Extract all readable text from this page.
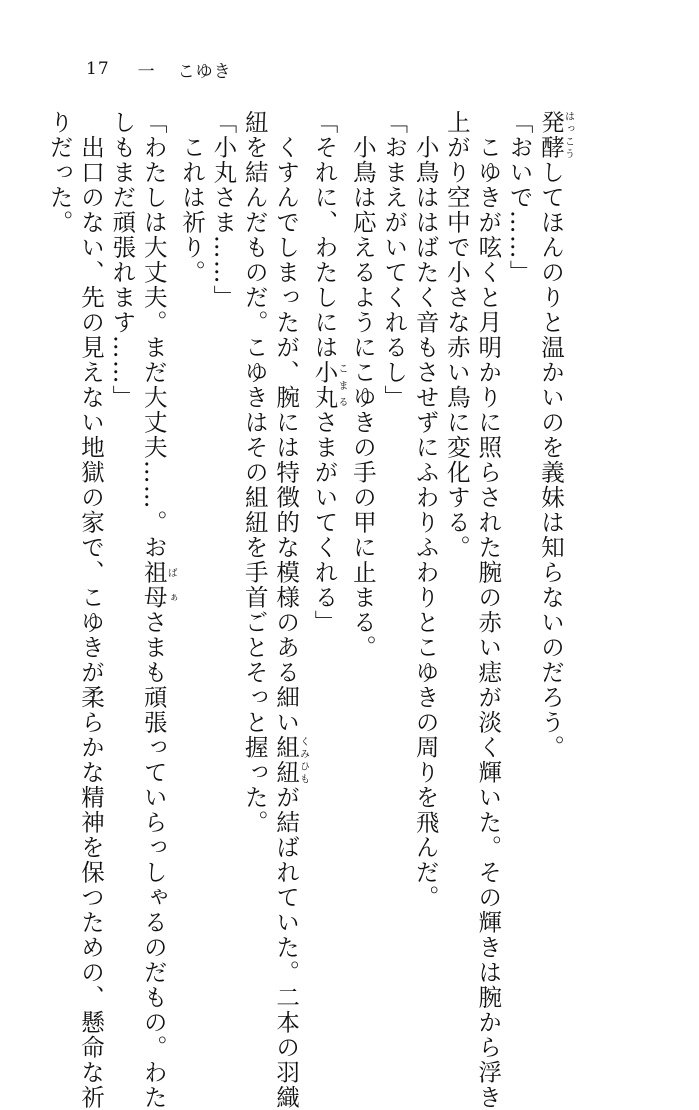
17 一 こゆき

発酵はっこうしてほんのりと温かいのを義妹は知らないのだろう。

「おいで……」

　こゆきが呟くと月明かりに照らされた腕の赤い痣が淡く輝いた。その輝きは腕から浮き

上がり空中で小さな赤い鳥に変化する。

　小鳥ははばたく音もさせずにふわりふわりとこゆきの周りを飛んだ。

「おまえがいてくれるし」

　小鳥は応えるようにこゆきの手の甲に止まる。

「それに、わたしには小丸こまるさまがいてくれる」

　くすんでしまったが、腕には特徴的な模様のある細い組紐くみひもが結ばれていた。二本の羽織

紐を結んだものだ。こゆきはその組紐を手首ごとそっと握った。

「小丸さま……」

　これは祈り。

「わたしは大丈夫。まだ大丈夫……。お祖母ばぁさまも頑張っていらっしゃるのだもの。わた

しもまだ頑張れます……」

　出口のない、先の見えない地獄の家で、こゆきが柔らかな精神を保つための、懸命な祈

りだった。
